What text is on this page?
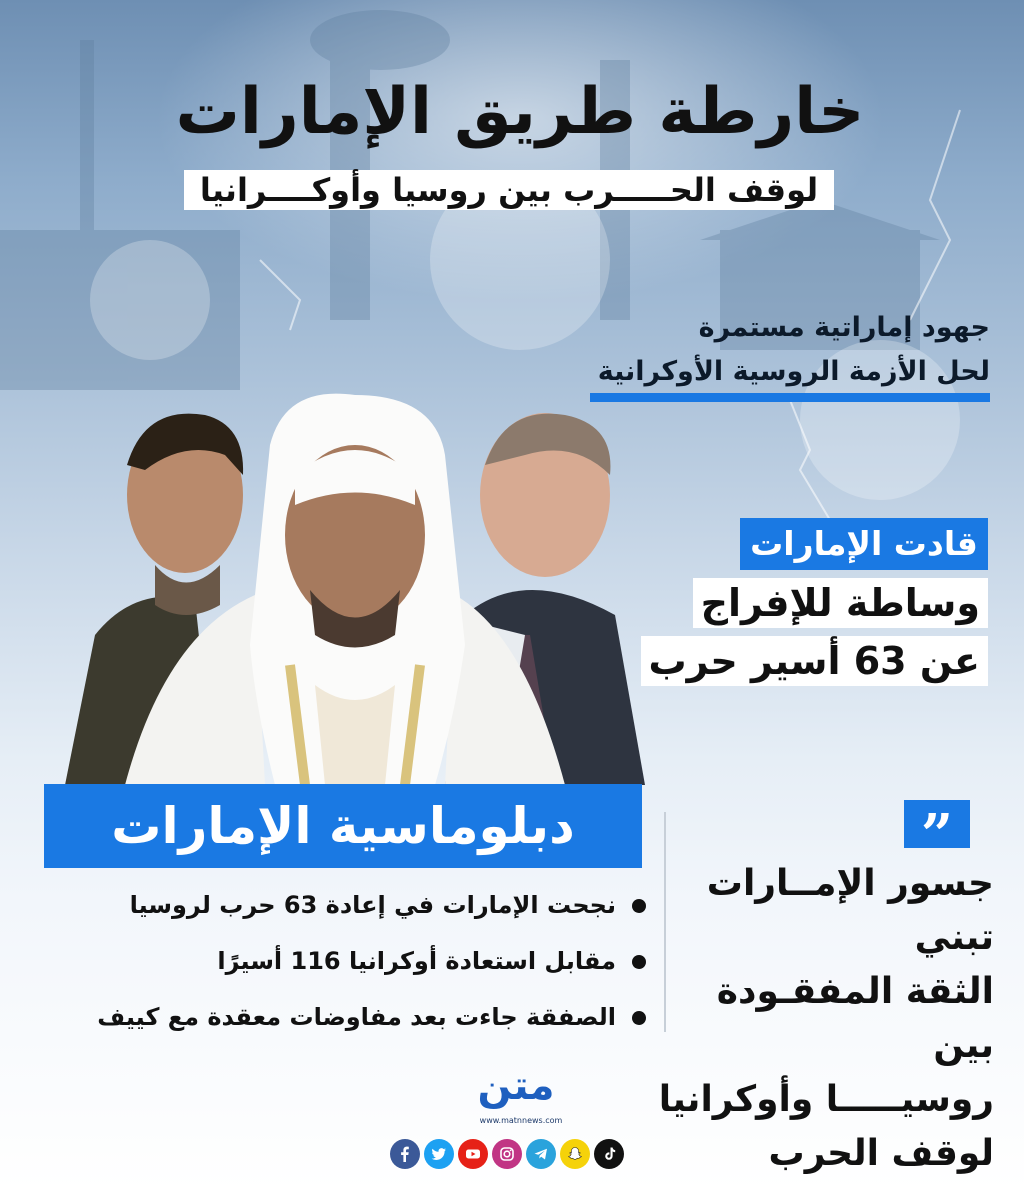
خارطة طريق الإمارات
لوقف الحـــــرب بين روسيا وأوكــــرانيا
جهود إماراتية مستمرة
لحل الأزمة الروسية الأوكرانية
قادت الإمارات
وساطة للإفراج
عن 63 أسير حرب
دبلوماسية الإمارات
نجحت الإمارات في إعادة 63 حرب لروسيا
مقابل استعادة أوكرانيا 116 أسيرًا
الصفقة جاءت بعد مفاوضات معقدة مع كييف
”
جسور الإمــارات تبني
الثقة المفقـودة بين
روسيـــــا وأوكرانيا
لوقف الحرب
متن
www.matnnews.com
